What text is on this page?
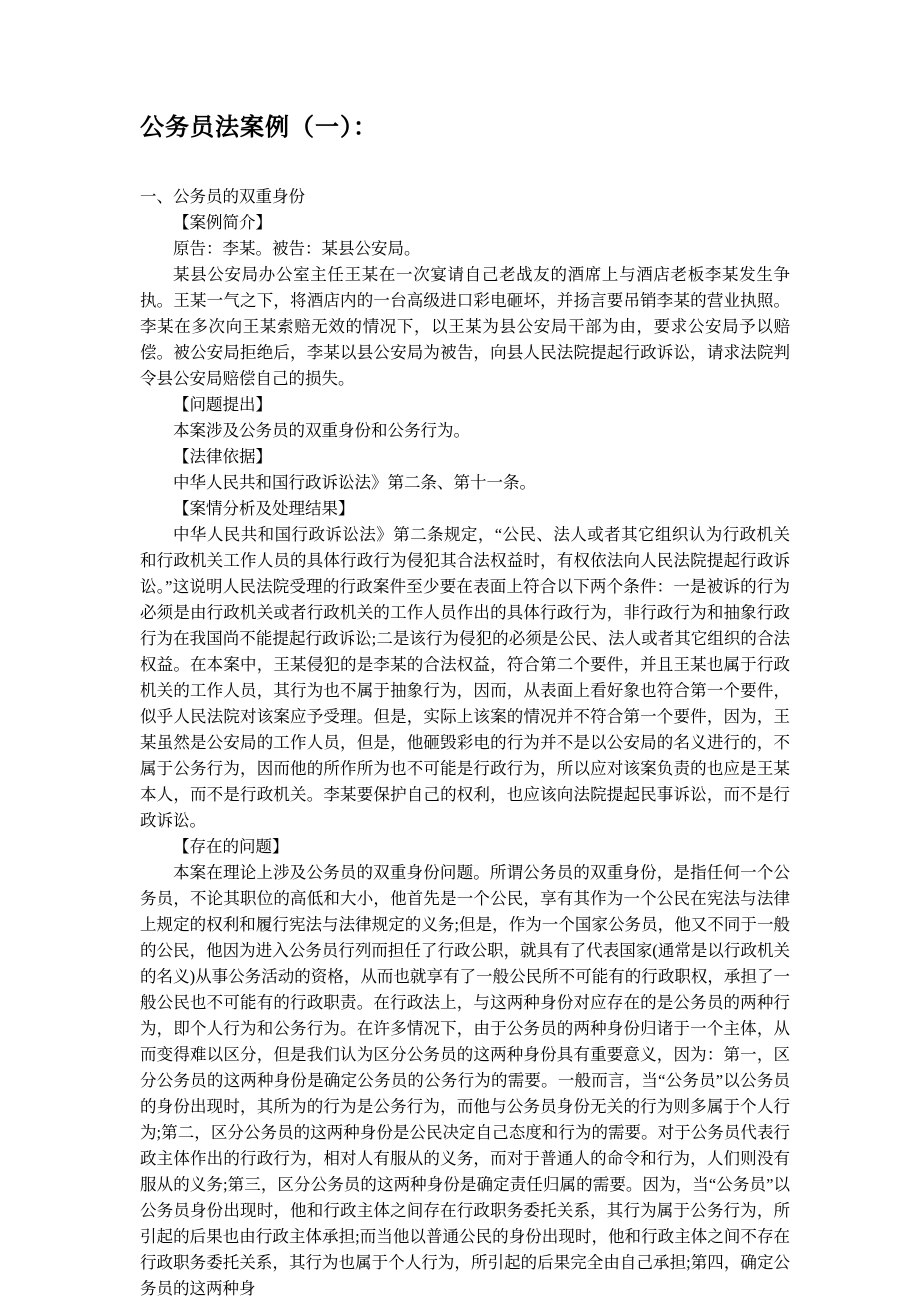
公务员法案例（一）：

一、公务员的双重身份

【案例简介】

原告：李某。被告：某县公安局。

某县公安局办公室主任王某在一次宴请自己老战友的酒席上与酒店老板李某发生争执。王某一气之下，将酒店内的一台高级进口彩电砸坏，并扬言要吊销李某的营业执照。李某在多次向王某索赔无效的情况下，以王某为县公安局干部为由，要求公安局予以赔偿。被公安局拒绝后，李某以县公安局为被告，向县人民法院提起行政诉讼，请求法院判令县公安局赔偿自己的损失。

【问题提出】

本案涉及公务员的双重身份和公务行为。

【法律依据】

中华人民共和国行政诉讼法》第二条、第十一条。

【案情分析及处理结果】

中华人民共和国行政诉讼法》第二条规定，“公民、法人或者其它组织认为行政机关和行政机关工作人员的具体行政行为侵犯其合法权益时，有权依法向人民法院提起行政诉讼。”这说明人民法院受理的行政案件至少要在表面上符合以下两个条件：一是被诉的行为必须是由行政机关或者行政机关的工作人员作出的具体行政行为，非行政行为和抽象行政行为在我国尚不能提起行政诉讼;二是该行为侵犯的必须是公民、法人或者其它组织的合法权益。在本案中，王某侵犯的是李某的合法权益，符合第二个要件，并且王某也属于行政机关的工作人员，其行为也不属于抽象行为，因而，从表面上看好象也符合第一个要件，似乎人民法院对该案应予受理。但是，实际上该案的情况并不符合第一个要件，因为，王某虽然是公安局的工作人员，但是，他砸毁彩电的行为并不是以公安局的名义进行的，不属于公务行为，因而他的所作所为也不可能是行政行为，所以应对该案负责的也应是王某本人，而不是行政机关。李某要保护自己的权利，也应该向法院提起民事诉讼，而不是行政诉讼。

【存在的问题】

本案在理论上涉及公务员的双重身份问题。所谓公务员的双重身份，是指任何一个公务员，不论其职位的高低和大小，他首先是一个公民，享有其作为一个公民在宪法与法律上规定的权利和履行宪法与法律规定的义务;但是，作为一个国家公务员，他又不同于一般的公民，他因为进入公务员行列而担任了行政公职，就具有了代表国家(通常是以行政机关的名义)从事公务活动的资格，从而也就享有了一般公民所不可能有的行政职权，承担了一般公民也不可能有的行政职责。在行政法上，与这两种身份对应存在的是公务员的两种行为，即个人行为和公务行为。在许多情况下，由于公务员的两种身份归诸于一个主体，从而变得难以区分，但是我们认为区分公务员的这两种身份具有重要意义，因为：第一，区分公务员的这两种身份是确定公务员的公务行为的需要。一般而言，当“公务员”以公务员的身份出现时，其所为的行为是公务行为，而他与公务员身份无关的行为则多属于个人行为;第二，区分公务员的这两种身份是公民决定自己态度和行为的需要。对于公务员代表行政主体作出的行政行为，相对人有服从的义务，而对于普通人的命令和行为，人们则没有服从的义务;第三，区分公务员的这两种身份是确定责任归属的需要。因为，当“公务员”以公务员身份出现时，他和行政主体之间存在行政职务委托关系，其行为属于公务行为，所引起的后果也由行政主体承担;而当他以普通公民的身份出现时，他和行政主体之间不存在行政职务委托关系，其行为也属于个人行为，所引起的后果完全由自己承担;第四，确定公务员的这两种身
